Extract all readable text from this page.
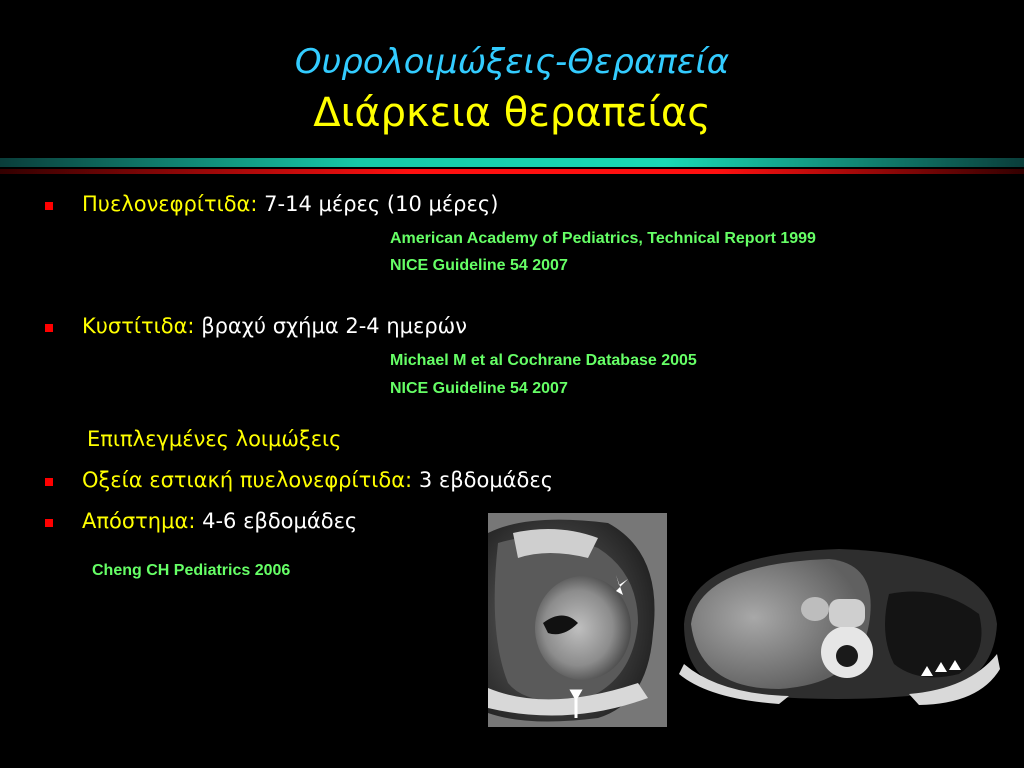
Ουρολοιμώξεις-Θεραπεία
Διάρκεια θεραπείας
Πυελονεφρίτιδα: 7-14 μέρες (10 μέρες)
American Academy of Pediatrics, Technical Report 1999
NICE Guideline 54 2007
Κυστίτιδα: βραχύ σχήμα 2-4 ημερών
Michael M et al Cochrane Database 2005
NICE Guideline 54 2007
Επιπλεγμένες λοιμώξεις
Οξεία εστιακή πυελονεφρίτιδα: 3 εβδομάδες
Απόστημα: 4-6 εβδομάδες
Cheng CH Pediatrics 2006
